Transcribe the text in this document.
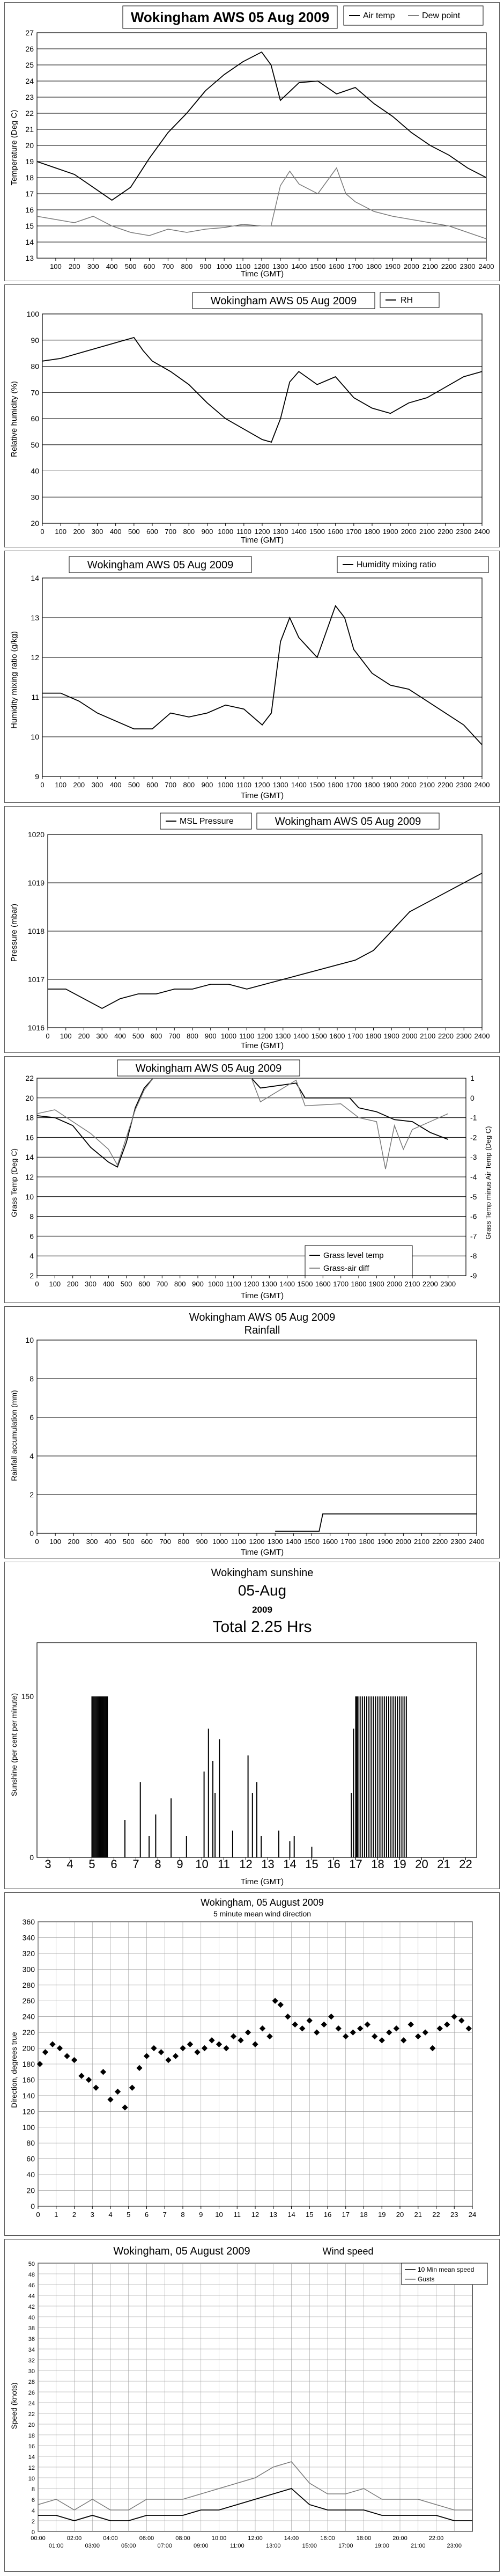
Wokingham AWS 05 Aug 2009	Air temp	Dew point
13
14
15
16
17
18
19
20
21
22
23
24
25
26
27
100 200 300 400 500 600 700 800 900 1000 1100 1200 1300 1400 1500 1600 1700 1800 1900 2000 2100 2200 2300 2400
Temperature (Deg C)
Time (GMT)
Wokingham AWS 05 Aug 2009	RH
20
30
40
50
60
70
80
90
100
0 100 200 300 400 500 600 700 800 900 1000 1100 1200 1300 1400 1500 1600 1700 1800 1900 2000 2100 2200 2300 2400
Relative humidity (%)
Time (GMT)
Wokingham AWS 05 Aug 2009	Humidity mixing ratio
9
10
11
12
13
14
0 100 200 300 400 500 600 700 800 900 1000 1100 1200 1300 1400 1500 1600 1700 1800 1900 2000 2100 2200 2300 2400
Humidity mixing ratio (g/kg)
Time (GMT)
MSL Pressure	Wokingham AWS 05 Aug 2009
1016
1017
1018
1019
1020
0 100 200 300 400 500 600 700 800 900 1000 1100 1200 1300 1400 1500 1600 1700 1800 1900 2000 2100 2200 2300 2400
Pressure (mbar)
Time (GMT)
Wokingham AWS 05 Aug 2009
2
4
6
8
10
12
14
16
18
20
22
-9
-8
-7
-6
-5
-4
-3
-2
-1
0
1
0 100 200 300 400 500 600 700 800 900 1000 1100 1200 1300 1400 1500 1600 1700 1800 1900 2000 2100 2200 2300
Grass level temp
Grass-air diff
Grass Temp (Deg C)	Grass Temp minus Air Temp (Deg C)
Time (GMT)
Wokingham AWS 05 Aug 2009
Rainfall
0
2
4
6
8
10
0 100 200 300 400 500 600 700 800 900 1000 1100 1200 1300 1400 1500 1600 1700 1800 1900 2000 2100 2200 2300 2400
Rainfall accumulation (mm)
Time (GMT)
Wokingham sunshine
05-Aug
2009
Total 2.25 Hrs
0
150
3 4 5 6 7 8 9 10 11 12 13 14 15 16 17 18 19 20 21 22
Sunshine (per cent per minute)
Time (GMT)
Wokingham, 05 August 2009
5 minute mean wind direction
0
20
40
60
80
100
120
140
160
180
200
220
240
260
280
300
320
340
360
0 1 2 3 4 5 6 7 8 9 10 11 12 13 14 15 16 17 18 19 20 21 22 23 24
Direction, degrees true
Wokingham, 05 August 2009	Wind speed
0
2
4
6
8
10
12
14
16
18
20
22
24
26
28
30
32
34
36
38
40
42
44
46
48
50
00:00	02:00	04:00	06:00	08:00	10:00	12:00	14:00	16:00	18:00	20:00	22:00
01:00	03:00	05:00	07:00	09:00	11:00	13:00	15:00	17:00	19:00	21:00	23:00
10 Min mean speed
Gusts
Speed (knots)
